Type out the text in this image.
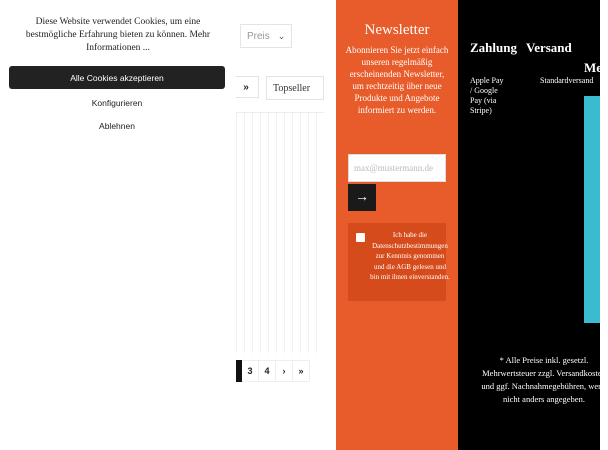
Preis ⌄
»	Topseller
3	4	›	»
Diese Website verwendet Cookies, um eine bestmögliche Erfahrung bieten zu können. Mehr Informationen ...
Alle Cookies akzeptieren
Konfigurieren
Ablehnen
Newsletter
Abonnieren Sie jetzt einfach unseren regelmäßig erscheinenden Newsletter, um rechtzeitig über neue Produkte und Angebote informiert zu werden.
max@mustermann.de
→
Ich habe die Datenschutzbestimmungen zur Kenntnis genommen und die AGB gelesen und bin mit ihnen einverstanden.
Zahlung Versand
Me
Apple Pay / Google Pay (via Stripe)
Standardversand
* Alle Preise inkl. gesetzl. Mehrwertsteuer zzgl. Versandkosten und ggf. Nachnahmegebühren, wenn nicht anders angegeben.
